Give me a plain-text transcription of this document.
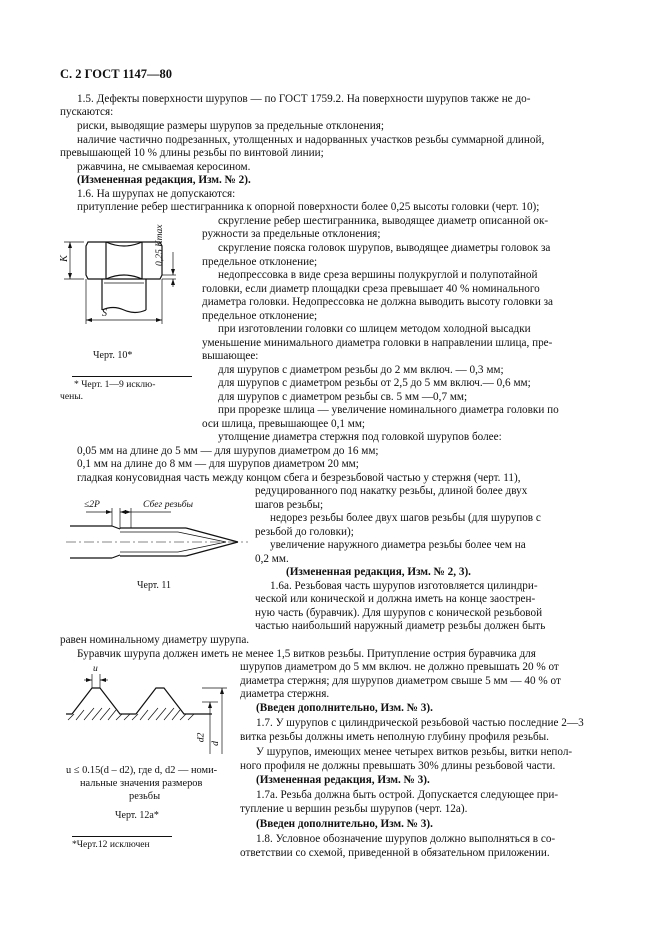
С. 2 ГОСТ 1147—80
1.5. Дефекты поверхности шурупов — по ГОСТ 1759.2. На поверхности шурупов также не до-
пускаются:
риски, выводящие размеры шурупов за предельные отклонения;
наличие частично подрезанных, утолщенных и надорванных участков резьбы суммарной длиной,
превышающей 10 % длины резьбы по винтовой линии;
ржавчина, не смываемая керосином.
(Измененная редакция, Изм. № 2).
1.6. На шурупах не допускаются:
притупление ребер шестигранника к опорной поверхности более 0,25 высоты головки (черт. 10);
скругление ребер шестигранника, выводящее диаметр описанной ок-
ружности за предельные отклонения;
скругление пояска головок шурупов, выводящее диаметры головок за
предельное отклонение;
недопрессовка в виде среза вершины полукруглой и полупотайной
головки, если диаметр площадки среза превышает 40 % номинального
диаметра головки. Недопрессовка не должна выводить высоту головки за
предельное отклонение;
при изготовлении головки со шлицем методом холодной высадки
уменьшение минимального диаметра головки в направлении шлица, пре-
вышающее:
для шурупов с диаметром резьбы до 2 мм включ. — 0,3 мм;
для шурупов с диаметром резьбы от 2,5 до 5 мм включ.— 0,6 мм;
для шурупов с диаметром резьбы св. 5 мм —0,7 мм;
при прорезке шлица — увеличение номинального диаметра головки по
оси шлица, превышающее 0,1 мм;
утолщение диаметра стержня под головкой шурупов более:
0,05 мм на длине до 5 мм — для шурупов диаметром до 16 мм;
0,1 мм на длине до 8 мм — для шурупов диаметром 20 мм;
гладкая конусовидная часть между концом сбега и безрезьбовой частью у стержня (черт. 11),
редуцированного под накатку резьбы, длиной более двух
шагов резьбы;
недорез резьбы более двух шагов резьбы (для шурупов с
резьбой до головки);
увеличение наружного диаметра резьбы более чем на
0,2 мм.
(Измененная редакция, Изм. № 2, 3).
1.6а. Резьбовая часть шурупов изготовляется цилиндри-
ческой или конической и должна иметь на конце заострен-
ную часть (буравчик). Для шурупов с конической резьбовой
частью наибольший наружный диаметр резьбы должен быть
равен номинальному диаметру шурупа.
Буравчик шурупа должен иметь не менее 1,5 витков резьбы. Притупление острия буравчика для
шурупов диаметром до 5 мм включ. не должно превышать 20 % от
диаметра стержня; для шурупов диаметром свыше 5 мм — 40 % от
диаметра стержня.
(Введен дополнительно, Изм. № 3).
1.7. У шурупов с цилиндрической резьбовой частью последние 2—3
витка резьбы должны иметь неполную глубину профиля резьбы.
У шурупов, имеющих менее четырех витков резьбы, витки непол-
ного профиля не должны превышать 30% длины резьбовой части.
(Измененная редакция, Изм. № 3).
1.7а. Резьба должна быть острой. Допускается следующее при-
тупление u вершин резьбы шурупов (черт. 12а).
(Введен дополнительно, Изм. № 3).
1.8. Условное обозначение шурупов должно выполняться в со-
ответствии со схемой, приведенной в обязательном приложении.
K
S
0,25 Kmax
Черт. 10*
* Черт. 1—9 исклю-
чены.
≤2P	Сбег резьбы
Черт. 11
u
d2
d
u ≤ 0.15(d – d2), где d, d2 — номи-
нальные значения размеров
резьбы
Черт. 12а*
*Черт.12 исключен
